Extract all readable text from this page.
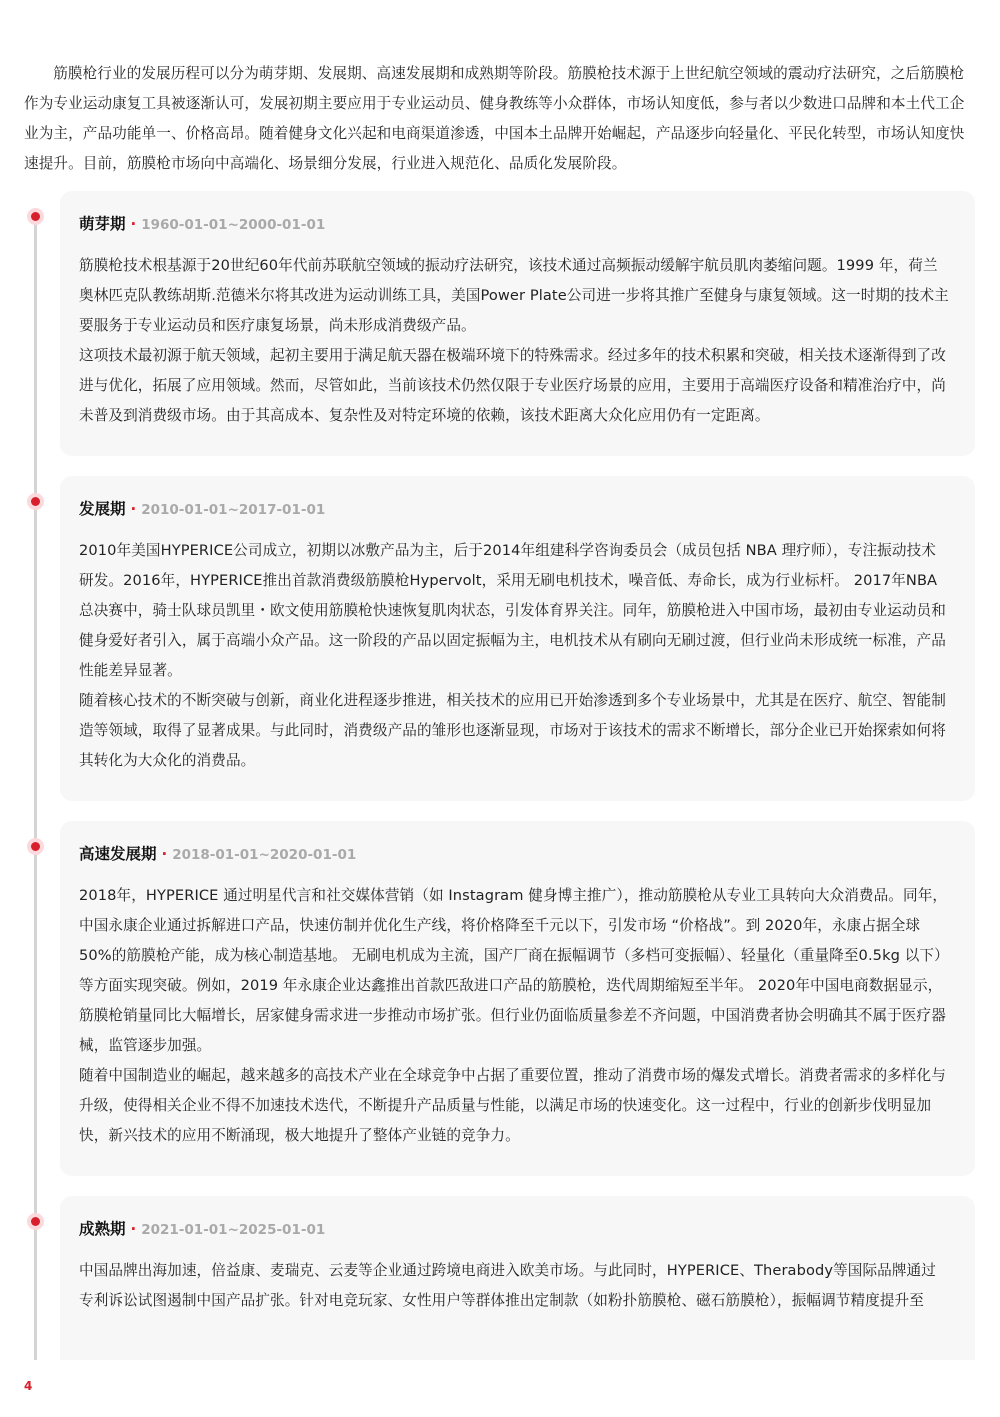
筋膜枪行业的发展历程可以分为萌芽期、发展期、高速发展期和成熟期等阶段。筋膜枪技术源于上世纪航空领域的震动疗法研究，之后筋膜枪作为专业运动康复工具被逐渐认可，发展初期主要应用于专业运动员、健身教练等小众群体，市场认知度低，参与者以少数进口品牌和本土代工企业为主，产品功能单一、价格高昂。随着健身文化兴起和电商渠道渗透，中国本土品牌开始崛起，产品逐步向轻量化、平民化转型，市场认知度快速提升。目前，筋膜枪市场向中高端化、场景细分发展，行业进入规范化、品质化发展阶段。

萌芽期 · 1960-01-01~2000-01-01

筋膜枪技术根基源于20世纪60年代前苏联航空领域的振动疗法研究，该技术通过高频振动缓解宇航员肌肉萎缩问题。1999 年，荷兰奥林匹克队教练胡斯.范德米尔将其改进为运动训练工具，美国Power Plate公司进一步将其推广至健身与康复领域。这一时期的技术主要服务于专业运动员和医疗康复场景，尚未形成消费级产品。

这项技术最初源于航天领域，起初主要用于满足航天器在极端环境下的特殊需求。经过多年的技术积累和突破，相关技术逐渐得到了改进与优化，拓展了应用领域。然而，尽管如此，当前该技术仍然仅限于专业医疗场景的应用，主要用于高端医疗设备和精准治疗中，尚未普及到消费级市场。由于其高成本、复杂性及对特定环境的依赖，该技术距离大众化应用仍有一定距离。

发展期 · 2010-01-01~2017-01-01

2010年美国HYPERICE公司成立，初期以冰敷产品为主，后于2014年组建科学咨询委员会（成员包括 NBA 理疗师），专注振动技术研发。2016年，HYPERICE推出首款消费级筋膜枪Hypervolt，采用无刷电机技术，噪音低、寿命长，成为行业标杆。 2017年NBA总决赛中，骑士队球员凯里・欧文使用筋膜枪快速恢复肌肉状态，引发体育界关注。同年，筋膜枪进入中国市场，最初由专业运动员和健身爱好者引入，属于高端小众产品。这一阶段的产品以固定振幅为主，电机技术从有刷向无刷过渡，但行业尚未形成统一标准，产品性能差异显著。

随着核心技术的不断突破与创新，商业化进程逐步推进，相关技术的应用已开始渗透到多个专业场景中，尤其是在医疗、航空、智能制造等领域，取得了显著成果。与此同时，消费级产品的雏形也逐渐显现，市场对于该技术的需求不断增长，部分企业已开始探索如何将其转化为大众化的消费品。

高速发展期 · 2018-01-01~2020-01-01

2018年，HYPERICE 通过明星代言和社交媒体营销（如 Instagram 健身博主推广），推动筋膜枪从专业工具转向大众消费品。同年，中国永康企业通过拆解进口产品，快速仿制并优化生产线，将价格降至千元以下，引发市场 “价格战”。到 2020年，永康占据全球50%的筋膜枪产能，成为核心制造基地。 无刷电机成为主流，国产厂商在振幅调节（多档可变振幅）、轻量化（重量降至0.5kg 以下）等方面实现突破。例如，2019 年永康企业达鑫推出首款匹敌进口产品的筋膜枪，迭代周期缩短至半年。 2020年中国电商数据显示，筋膜枪销量同比大幅增长，居家健身需求进一步推动市场扩张。但行业仍面临质量参差不齐问题，中国消费者协会明确其不属于医疗器械，监管逐步加强。

随着中国制造业的崛起，越来越多的高技术产业在全球竞争中占据了重要位置，推动了消费市场的爆发式增长。消费者需求的多样化与升级，使得相关企业不得不加速技术迭代，不断提升产品质量与性能，以满足市场的快速变化。这一过程中，行业的创新步伐明显加快，新兴技术的应用不断涌现，极大地提升了整体产业链的竞争力。

成熟期 · 2021-01-01~2025-01-01

中国品牌出海加速，倍益康、麦瑞克、云麦等企业通过跨境电商进入欧美市场。与此同时，HYPERICE、Therabody等国际品牌通过专利诉讼试图遏制中国产品扩张。针对电竞玩家、女性用户等群体推出定制款（如粉扑筋膜枪、磁石筋膜枪），振幅调节精度提升至

4
